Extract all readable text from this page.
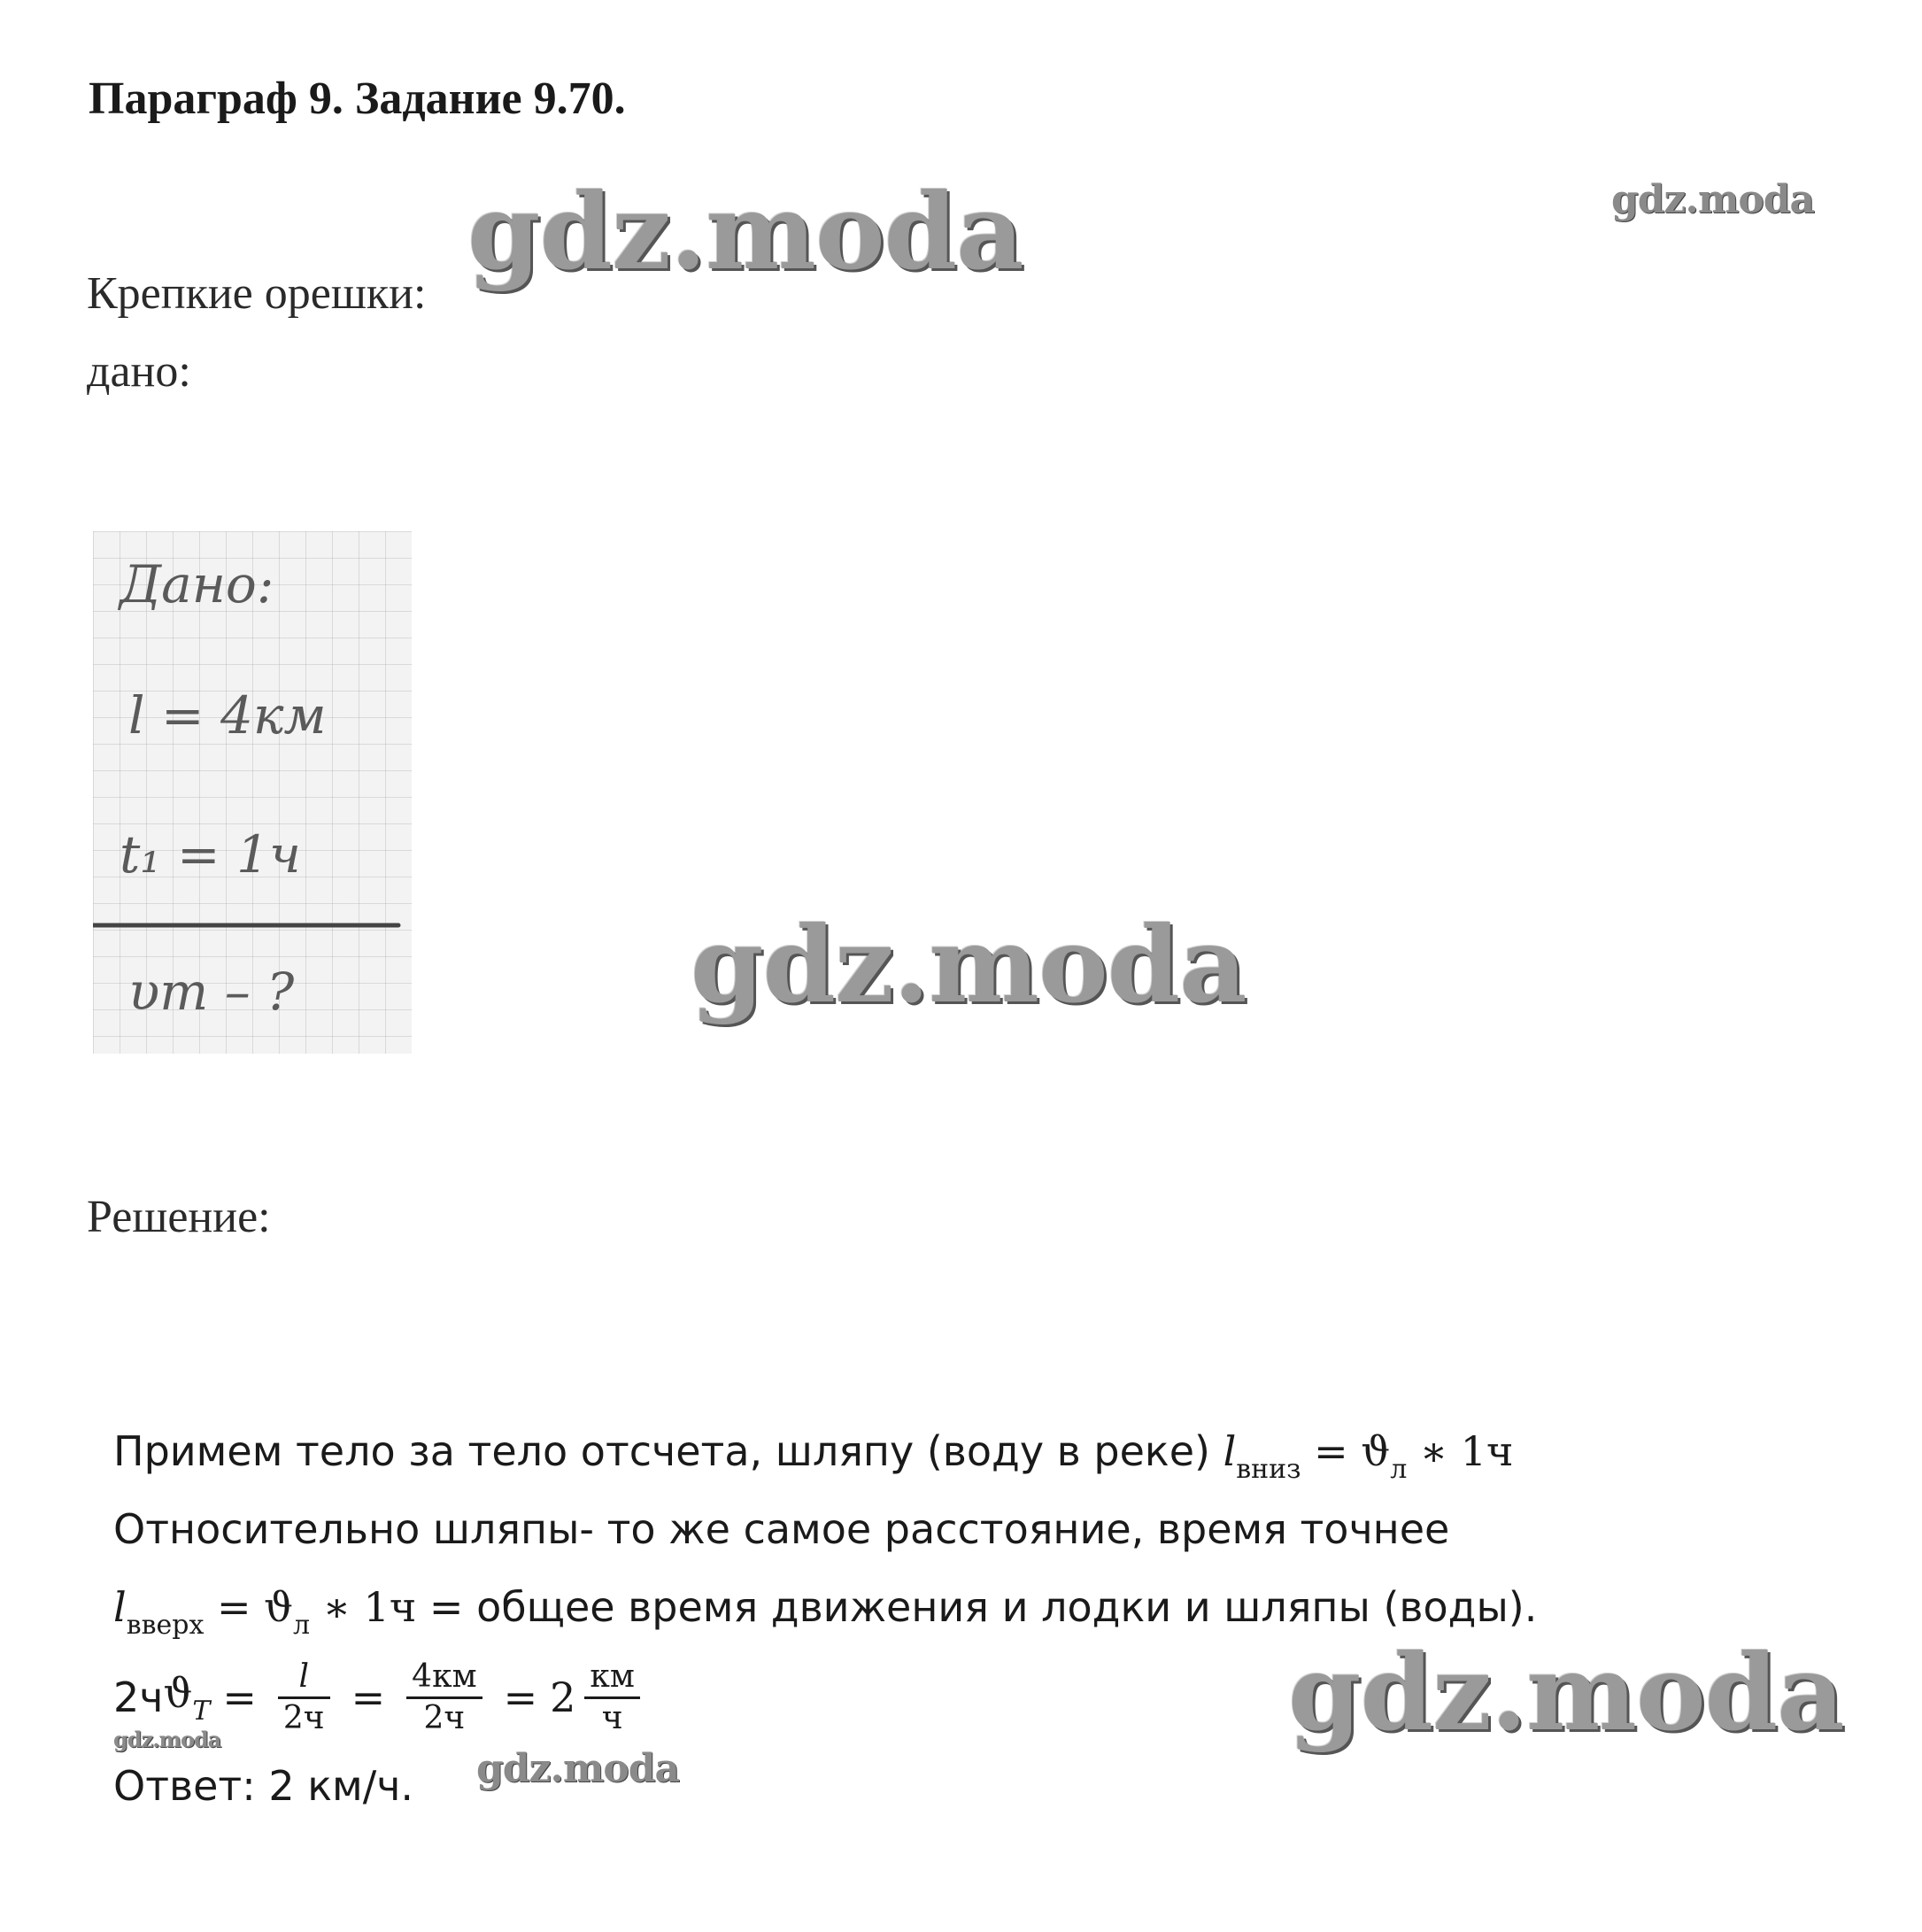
Параграф 9. Задание 9.70.
Крепкие орешки:
дано:
Дано:
l = 4км
t₁ = 1ч
υт – ?
Решение:
Примем тело за тело отсчета, шляпу (воду в реке) $l_{вниз} = ϑ_л$ ∗ 1ч
Относительно шляпы- то же самое расстояние, время точнее
$l_{вверх} = ϑ_л$ ∗ 1ч = общее время движения и лодки и шляпы (воды).
2ч $ϑ_T = \frac{l}{2ч} = \frac{4км}{2ч} = 2 \frac{км}{ч}$
Ответ: 2 км/ч.
gdz.moda	gdz.moda
gdz.moda
gdz.moda
gdz.moda
gdz.moda
